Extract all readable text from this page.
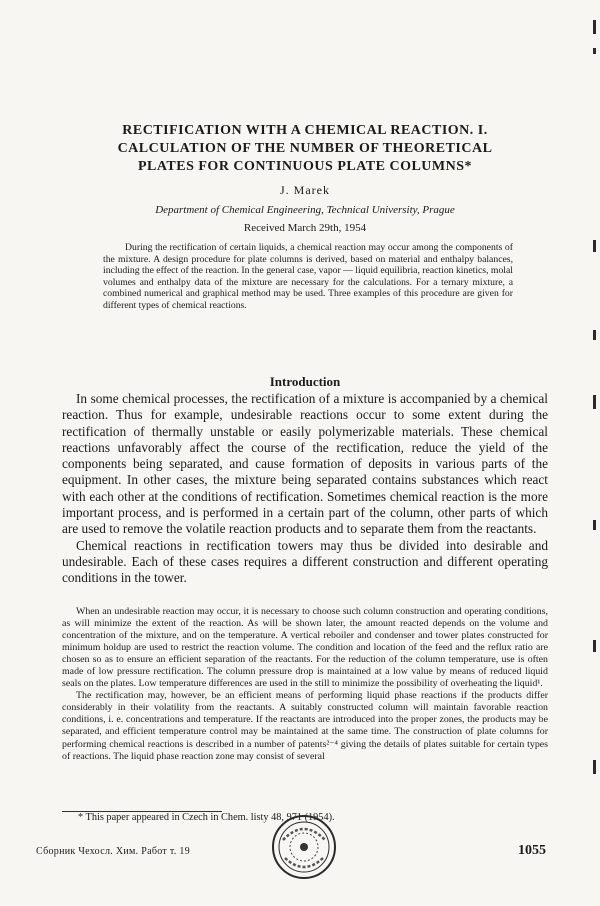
RECTIFICATION WITH A CHEMICAL REACTION. I.
CALCULATION OF THE NUMBER OF THEORETICAL
PLATES FOR CONTINUOUS PLATE COLUMNS*
J. Marek
Department of Chemical Engineering, Technical University, Prague
Received March 29th, 1954

During the rectification of certain liquids, a chemical reaction may occur among the components of the mixture. A design procedure for plate columns is derived, based on material and enthalpy balances, including the effect of the reaction. In the general case, vapor — liquid equilibria, reaction kinetics, molal volumes and enthalpy data of the mixture are necessary for the calculations. For a ternary mixture, a combined numerical and graphical method may be used. Three examples of this procedure are given for different types of chemical reactions.

Introduction

In some chemical processes, the rectification of a mixture is accompanied by a chemical reaction. Thus for example, undesirable reactions occur to some extent during the rectification of thermally unstable or easily polymerizable materials. These chemical reactions unfavorably affect the course of the rectification, reduce the yield of the components being separated, and cause formation of deposits in various parts of the equipment. In other cases, the mixture being separated contains substances which react with each other at the conditions of rectification. Sometimes chemical reaction is the more important process, and is performed in a certain part of the column, other parts of which are used to remove the volatile reaction products and to separate them from the reactants.

Chemical reactions in rectification towers may thus be divided into desirable and undesirable. Each of these cases requires a different construction and different operating conditions in the tower.

When an undesirable reaction may occur, it is necessary to choose such column construction and operating conditions, as will minimize the extent of the reaction. As will be shown later, the amount reacted depends on the volume and concentration of the mixture, and on the temperature. A vertical reboiler and condenser and tower plates constructed for minimum holdup are used to restrict the reaction volume. The condition and location of the feed and the reflux ratio are chosen so as to ensure an efficient separation of the reactants. For the reduction of the column temperature, use is often made of low pressure rectification. The column pressure drop is maintained at a low value by means of reduced liquid seals on the plates. Low temperature differences are used in the still to minimize the possibility of overheating the liquid¹.

The rectification may, however, be an efficient means of performing liquid phase reactions if the products differ considerably in their volatility from the reactants. A suitably constructed column will maintain favorable reaction conditions, i. e. concentrations and temperature. If the reactants are introduced into the proper zones, the products may be separated, and efficient temperature control may be maintained at the same time. The construction of plate columns for performing chemical reactions is described in a number of patents²⁻⁴ giving the details of plates suitable for certain types of reactions. The liquid phase reaction zone may consist of several

* This paper appeared in Czech in Chem. listy 48, 971 (1954).
Сборник Чехосл. Хим. Работ т. 19	1055
